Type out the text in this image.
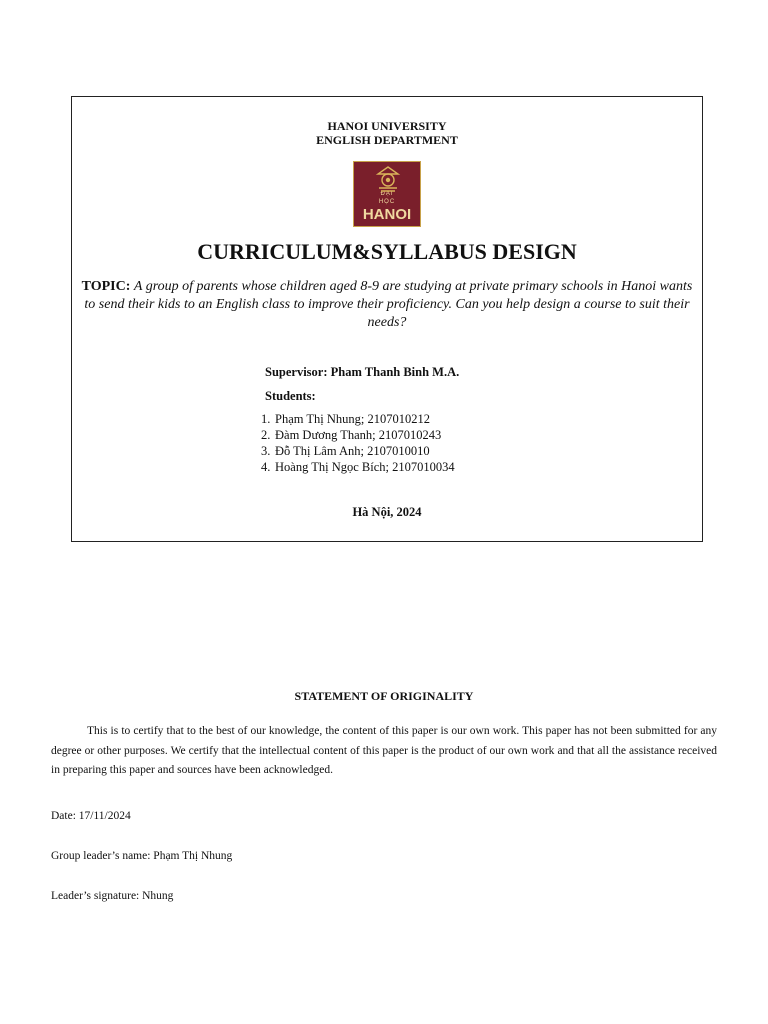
HANOI UNIVERSITY
ENGLISH DEPARTMENT
ĐẠI
HỌC
HANOI
CURRICULUM&SYLLABUS DESIGN
TOPIC: A group of parents whose children aged 8-9 are studying at private primary schools in Hanoi wants to send their kids to an English class to improve their proficiency. Can you help design a course to suit their needs?
Supervisor: Pham Thanh Binh M.A.
Students:
1. Phạm Thị Nhung; 2107010212
2. Đàm Dương Thanh; 2107010243
3. Đỗ Thị Lâm Anh; 2107010010
4. Hoàng Thị Ngọc Bích; 2107010034
Hà Nội, 2024
STATEMENT OF ORIGINALITY

This is to certify that to the best of our knowledge, the content of this paper is our own work. This paper has not been submitted for any degree or other purposes. We certify that the intellectual content of this paper is the product of our own work and that all the assistance received in preparing this paper and sources have been acknowledged.

Date: 17/11/2024
Group leader’s name: Phạm Thị Nhung
Leader’s signature: Nhung
